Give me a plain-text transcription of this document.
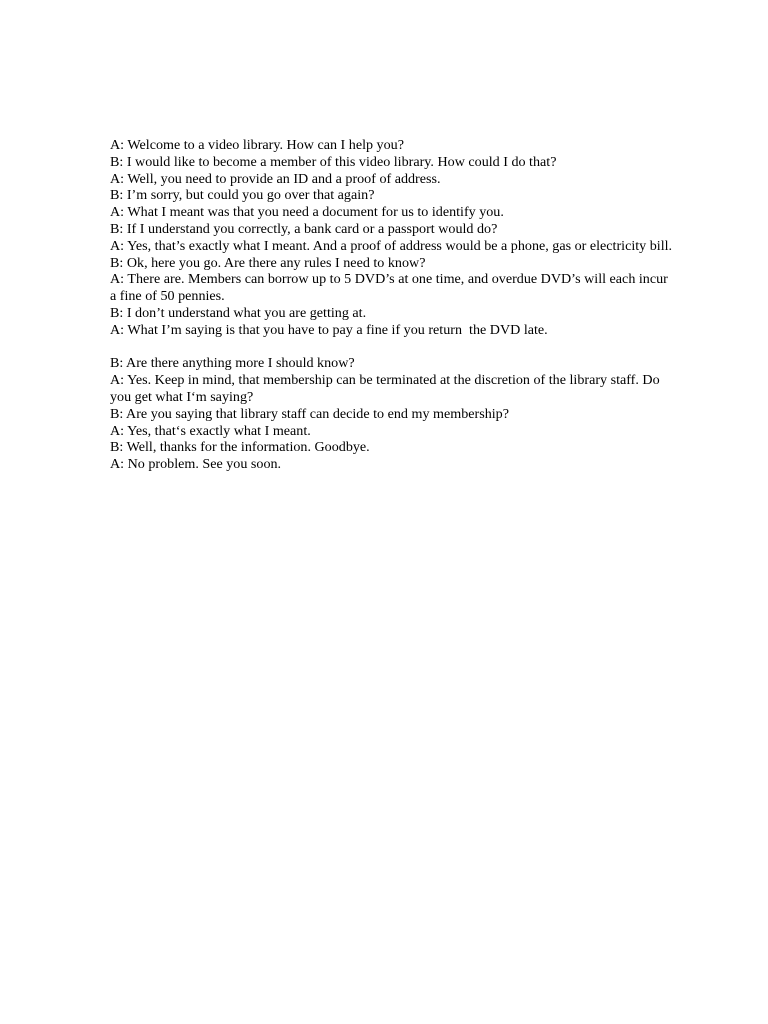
A: Welcome to a video library. How can I help you?
B: I would like to become a member of this video library. How could I do that?
A: Well, you need to provide an ID and a proof of address.
B: I’m sorry, but could you go over that again?
A: What I meant was that you need a document for us to identify you.
B: If I understand you correctly, a bank card or a passport would do?
A: Yes, that’s exactly what I meant. And a proof of address would be a phone, gas or electricity bill.
B: Ok, here you go. Are there any rules I need to know?
A: There are. Members can borrow up to 5 DVD’s at one time, and overdue DVD’s will each incur
a fine of 50 pennies.
B: I don’t understand what you are getting at.
A: What I’m saying is that you have to pay a fine if you return  the DVD late.
B: Are there anything more I should know?
A: Yes. Keep in mind, that membership can be terminated at the discretion of the library staff. Do
you get what I‘m saying?
B: Are you saying that library staff can decide to end my membership?
A: Yes, that‘s exactly what I meant.
B: Well, thanks for the information. Goodbye.
A: No problem. See you soon.
